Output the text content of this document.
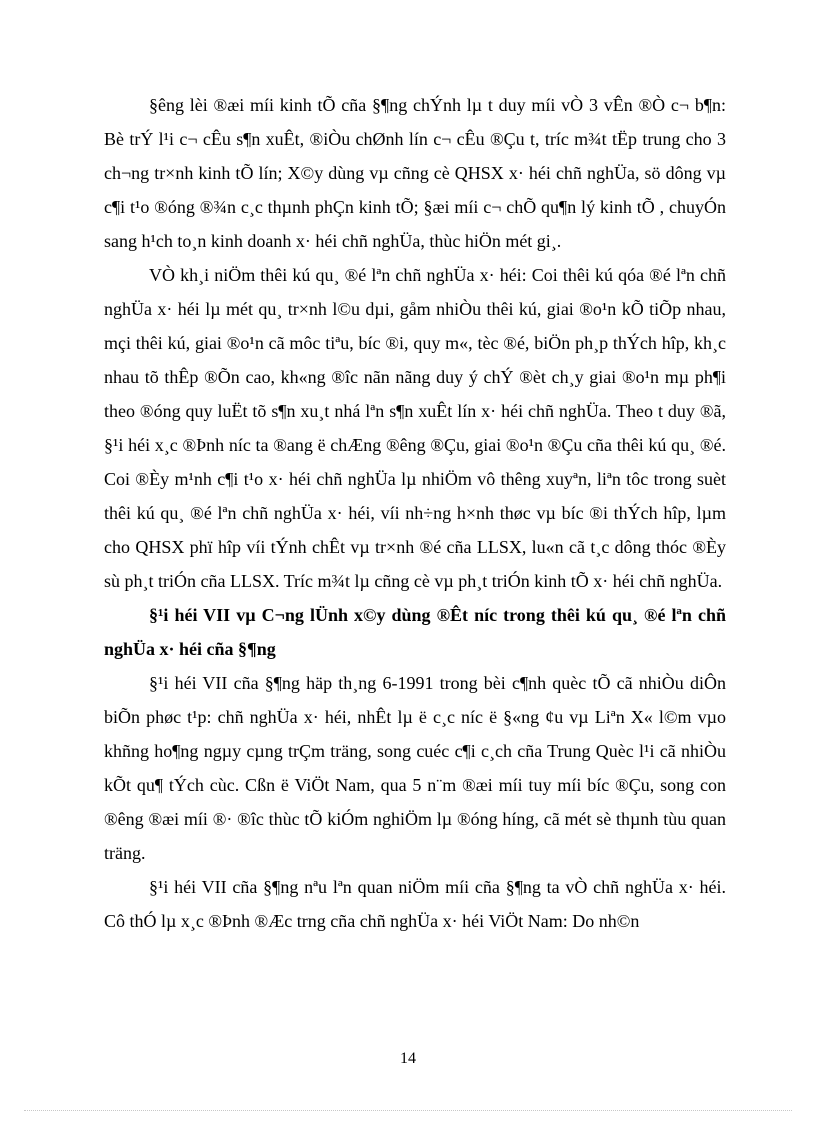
§êng lèi ®æi míi kinh tÕ cña §¶ng chÝnh lµ t duy míi vÒ 3 vÊn ®Ò c¬ b¶n: Bè trÝ l¹i c¬ cÊu s¶n xuÊt, ®iÒu chØnh lín c¬ cÊu ®Çu t, tríc m¾t tËp trung cho 3 ch¬ng tr×nh kinh tÕ lín; X©y dùng vµ cñng cè QHSX x· héi chñ nghÜa, sö dông vµ c¶i t¹o ®óng ®¾n c¸c thµnh phÇn kinh tÕ; §æi míi c¬ chÕ qu¶n lý kinh tÕ , chuyÓn sang h¹ch to¸n kinh doanh x· héi chñ nghÜa, thùc hiÖn mét gi¸.

VÒ kh¸i niÖm thêi kú qu¸ ®é lªn chñ nghÜa x· héi: Coi thêi kú qóa ®é lªn chñ nghÜa x· héi lµ mét qu¸ tr×nh l©u dµi, gåm nhiÒu thêi kú, giai ®o¹n kÕ tiÕp nhau, mçi thêi kú, giai ®o¹n cã môc tiªu, bíc ®i, quy m«, tèc ®é, biÖn ph¸p thÝch hîp, kh¸c nhau tõ thÊp ®Õn cao, kh«ng ®îc nãn nãng duy ý chÝ ®èt ch¸y giai ®o¹n mµ ph¶i theo ®óng quy luËt tõ s¶n xu¸t nhá lªn s¶n xuÊt lín x· héi chñ nghÜa. Theo t duy ®ã, §¹i héi x¸c ®Þnh níc ta ®ang ë chÆng ®êng ®Çu, giai ®o¹n ®Çu cña thêi kú qu¸ ®é. Coi ®Èy m¹nh c¶i t¹o x· héi chñ nghÜa lµ nhiÖm vô thêng xuyªn, liªn tôc trong suèt thêi kú qu¸ ®é lªn chñ nghÜa x· héi, víi nh÷ng h×nh thøc vµ bíc ®i thÝch hîp, lµm cho QHSX phï hîp víi tÝnh chÊt vµ tr×nh ®é cña LLSX, lu«n cã t¸c dông thóc ®Èy sù ph¸t triÓn cña LLSX. Tríc m¾t lµ cñng cè vµ ph¸t triÓn kinh tÕ x· héi chñ nghÜa.

§¹i héi VII vµ C¬ng lÜnh x©y dùng ®Êt níc trong thêi kú qu¸ ®é lªn chñ nghÜa x· héi cña §¶ng

§¹i héi VII cña §¶ng häp th¸ng 6-1991 trong bèi c¶nh quèc tÕ cã nhiÒu diÔn biÕn phøc t¹p: chñ nghÜa x· héi, nhÊt lµ ë c¸c níc ë §«ng ¢u vµ Liªn X« l©m vµo khñng ho¶ng ngµy cµng trÇm träng, song cuéc c¶i c¸ch cña Trung Quèc l¹i cã nhiÒu kÕt qu¶ tÝch cùc. Cßn ë ViÖt Nam, qua 5 n¨m ®æi míi tuy míi bíc ®Çu, song con ®êng ®æi míi ®· ®îc thùc tÕ kiÓm nghiÖm lµ ®óng híng, cã mét sè thµnh tùu quan träng.

§¹i héi VII cña §¶ng nªu lªn quan niÖm míi cña §¶ng ta vÒ chñ nghÜa x· héi. Cô thÓ lµ x¸c ®Þnh ®Æc trng cña chñ nghÜa x· héi ViÖt Nam: Do nh©n

14
